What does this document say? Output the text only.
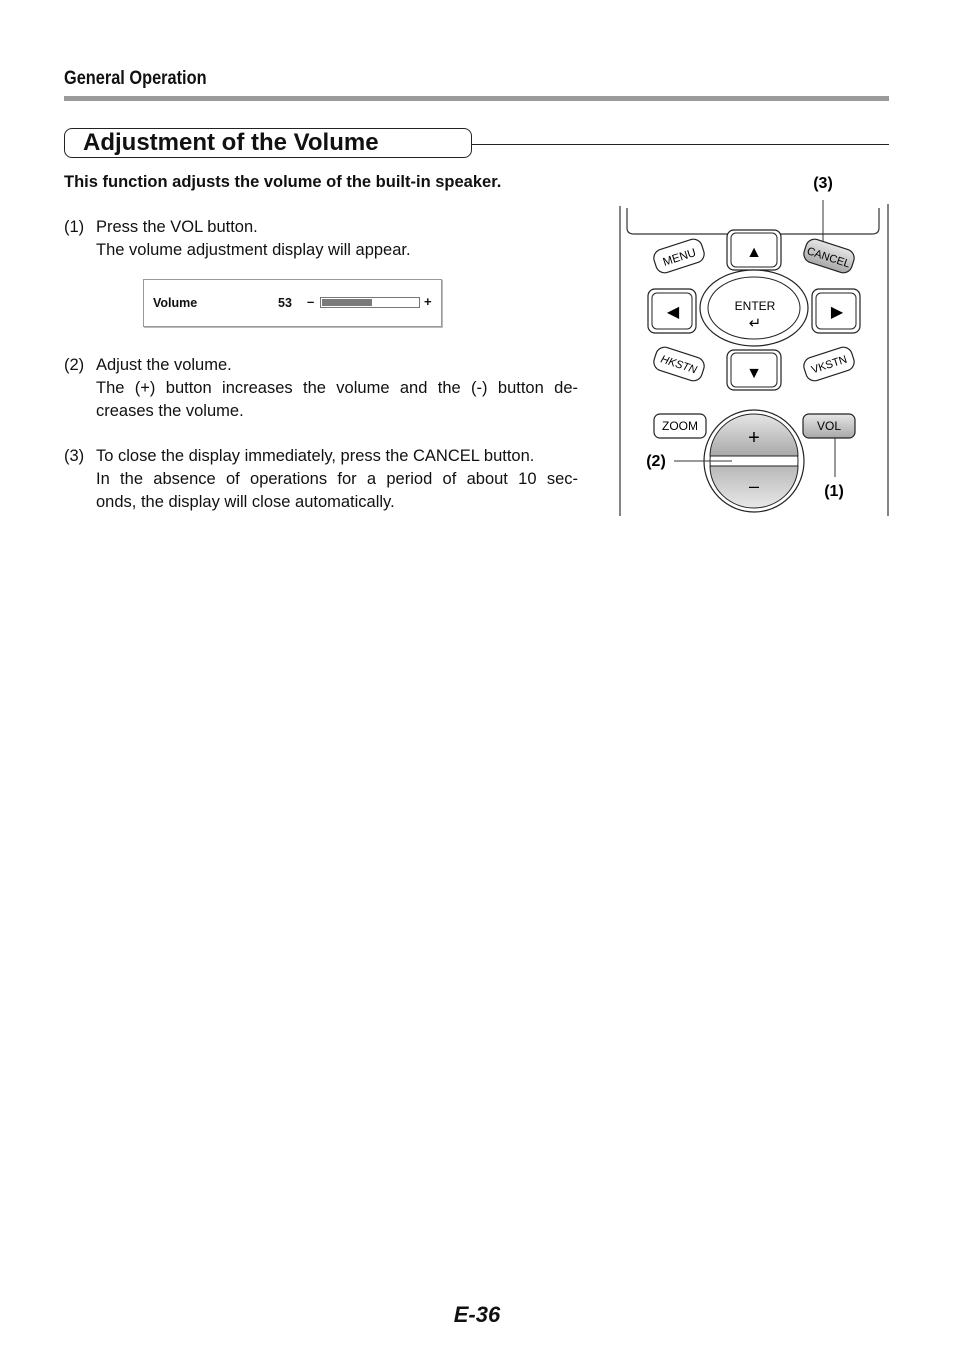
General Operation
Adjustment of the Volume
This function adjusts the volume of the built-in speaker.
(1) Press the VOL button.
The volume adjustment display will appear.
Volume	53 –	+
(2) Adjust the volume.
The (+) button increases the volume and the (-) button de-
creases the volume.
(3) To close the display immediately, press the CANCEL button.
In the absence of operations for a period of about 10 sec-
onds, the display will close automatically.
(3)
MENU	CANCEL
▲
◀	▶
ENTER
↵
▼
HKSTN	VKSTN
ZOOM	VOL
+
–
(2)
(1)
E-36
